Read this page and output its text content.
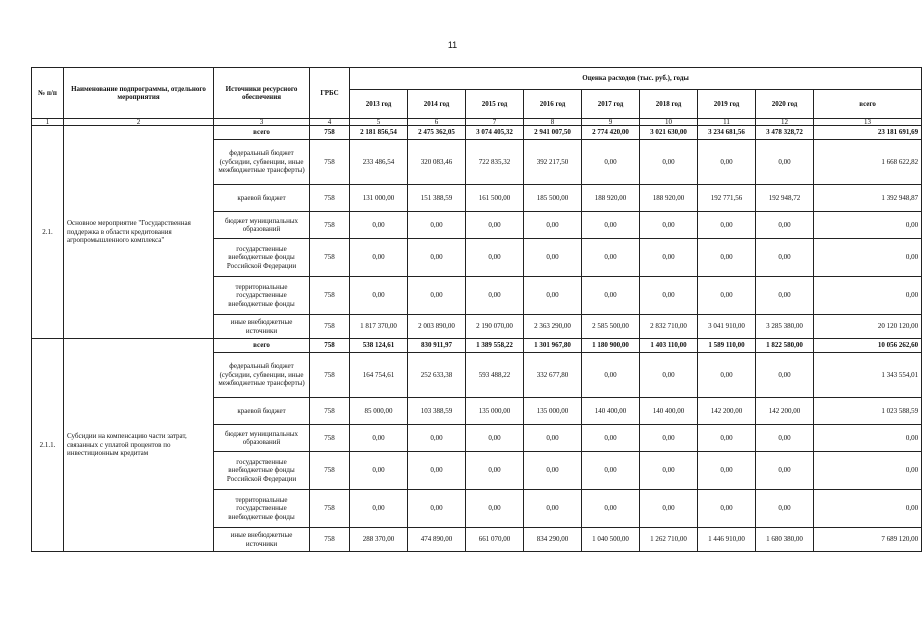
11
№ п/п	Наименование подпрограммы, отдельного мероприятия	Источники ресурсного обеспечения	ГРБС	Оценка расходов (тыс. руб.), годы								
				2013 год	2014 год	2015 год	2016 год	2017 год	2018 год	2019 год	2020 год	всего
1	2	3	4	5	6	7	8	9	10	11	12	13
2.1.	Основное мероприятие "Государственная поддержка в области кредитования агропромышленного комплекса"	всего	758	2 181 856,54	2 475 362,05	3 074 405,32	2 941 007,50	2 774 420,00	3 021 630,00	3 234 681,56	3 478 328,72	23 181 691,69
		федеральный бюджет (субсидии, субвенции, иные межбюджетные трансферты)	758	233 486,54	320 083,46	722 835,32	392 217,50	0,00	0,00	0,00	0,00	1 668 622,82
		краевой бюджет	758	131 000,00	151 388,59	161 500,00	185 500,00	188 920,00	188 920,00	192 771,56	192 948,72	1 392 948,87
		бюджет муниципальных образований	758	0,00	0,00	0,00	0,00	0,00	0,00	0,00	0,00	0,00
		государственные внебюджетные фонды Российской Федерации	758	0,00	0,00	0,00	0,00	0,00	0,00	0,00	0,00	0,00
		территориальные государственные внебюджетные фонды	758	0,00	0,00	0,00	0,00	0,00	0,00	0,00	0,00	0,00
		иные внебюджетные источники	758	1 817 370,00	2 003 890,00	2 190 070,00	2 363 290,00	2 585 500,00	2 832 710,00	3 041 910,00	3 285 380,00	20 120 120,00
2.1.1.	Субсидии на компенсацию части затрат, связанных с уплатой процентов по инвестиционным кредитам	всего	758	538 124,61	830 911,97	1 389 558,22	1 301 967,80	1 180 900,00	1 403 110,00	1 589 110,00	1 822 580,00	10 056 262,60
		федеральный бюджет (субсидии, субвенции, иные межбюджетные трансферты)	758	164 754,61	252 633,38	593 488,22	332 677,80	0,00	0,00	0,00	0,00	1 343 554,01
		краевой бюджет	758	85 000,00	103 388,59	135 000,00	135 000,00	140 400,00	140 400,00	142 200,00	142 200,00	1 023 588,59
		бюджет муниципальных образований	758	0,00	0,00	0,00	0,00	0,00	0,00	0,00	0,00	0,00
		государственные внебюджетные фонды Российской Федерации	758	0,00	0,00	0,00	0,00	0,00	0,00	0,00	0,00	0,00
		территориальные государственные внебюджетные фонды	758	0,00	0,00	0,00	0,00	0,00	0,00	0,00	0,00	0,00
		иные внебюджетные источники	758	288 370,00	474 890,00	661 070,00	834 290,00	1 040 500,00	1 262 710,00	1 446 910,00	1 680 380,00	7 689 120,00
